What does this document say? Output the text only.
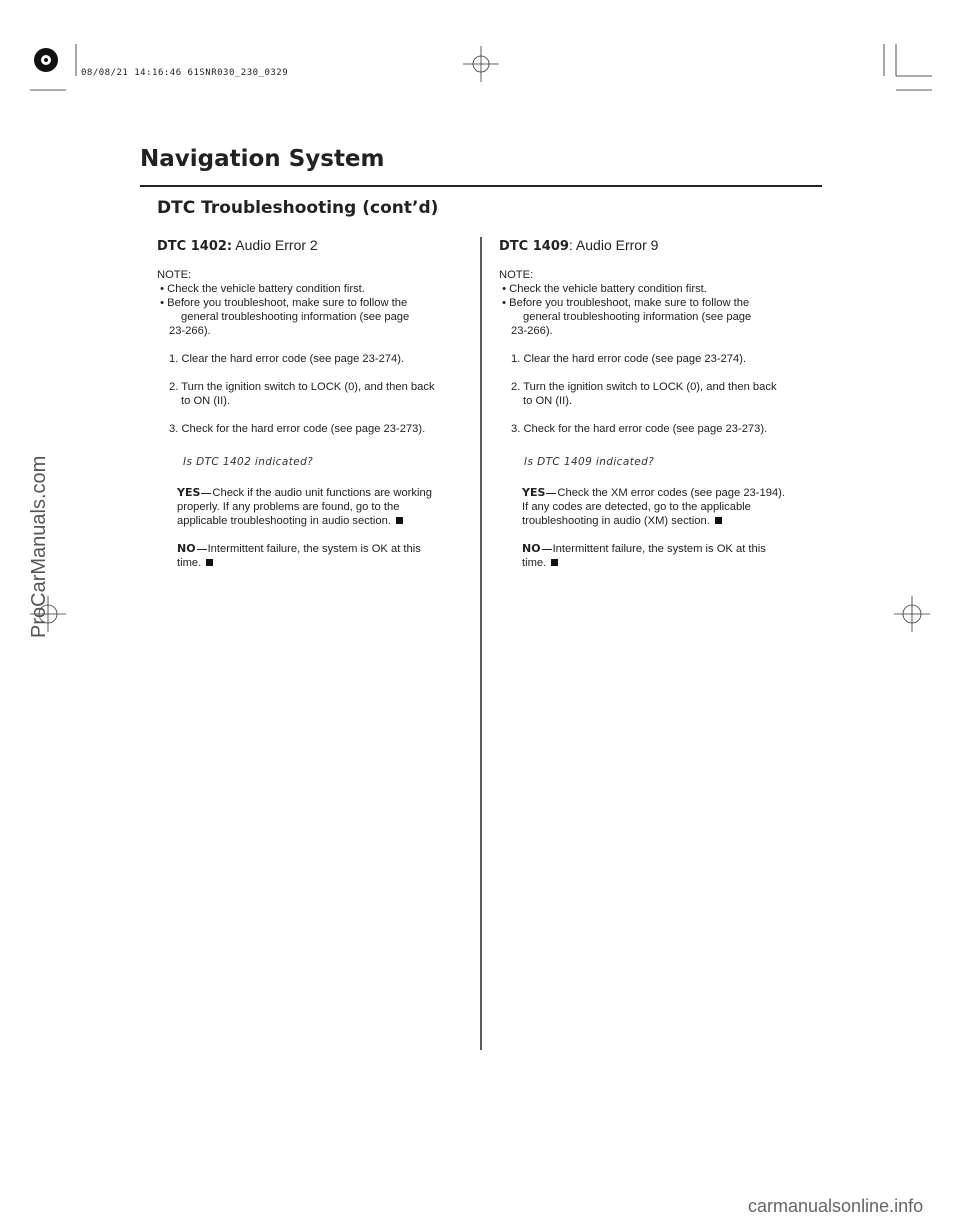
08/08/21 14:16:46 61SNR030_230_0329
Navigation System
DTC Troubleshooting (cont’d)
DTC 1402: Audio Error 2

NOTE:

• Check the vehicle battery condition first.

• Before you troubleshoot, make sure to follow the

general troubleshooting information (see page

23-266).

1. Clear the hard error code (see page 23-274).

2. Turn the ignition switch to LOCK (0), and then back

to ON (II).

3. Check for the hard error code (see page 23-273).

Is DTC 1402 indicated?

YES Check if the audio unit functions are working

properly. If any problems are found, go to the

applicable troubleshooting in audio section.

NO Intermittent failure, the system is OK at this

time.

DTC 1409: Audio Error 9

NOTE:

• Check the vehicle battery condition first.

• Before you troubleshoot, make sure to follow the

general troubleshooting information (see page

23-266).

1. Clear the hard error code (see page 23-274).

2. Turn the ignition switch to LOCK (0), and then back

to ON (II).

3. Check for the hard error code (see page 23-273).

Is DTC 1409 indicated?

YES Check the XM error codes (see page 23-194).

If any codes are detected, go to the applicable

troubleshooting in audio (XM) section.

NO Intermittent failure, the system is OK at this

time.

ProCarManuals.com
carmanualsonline.info
